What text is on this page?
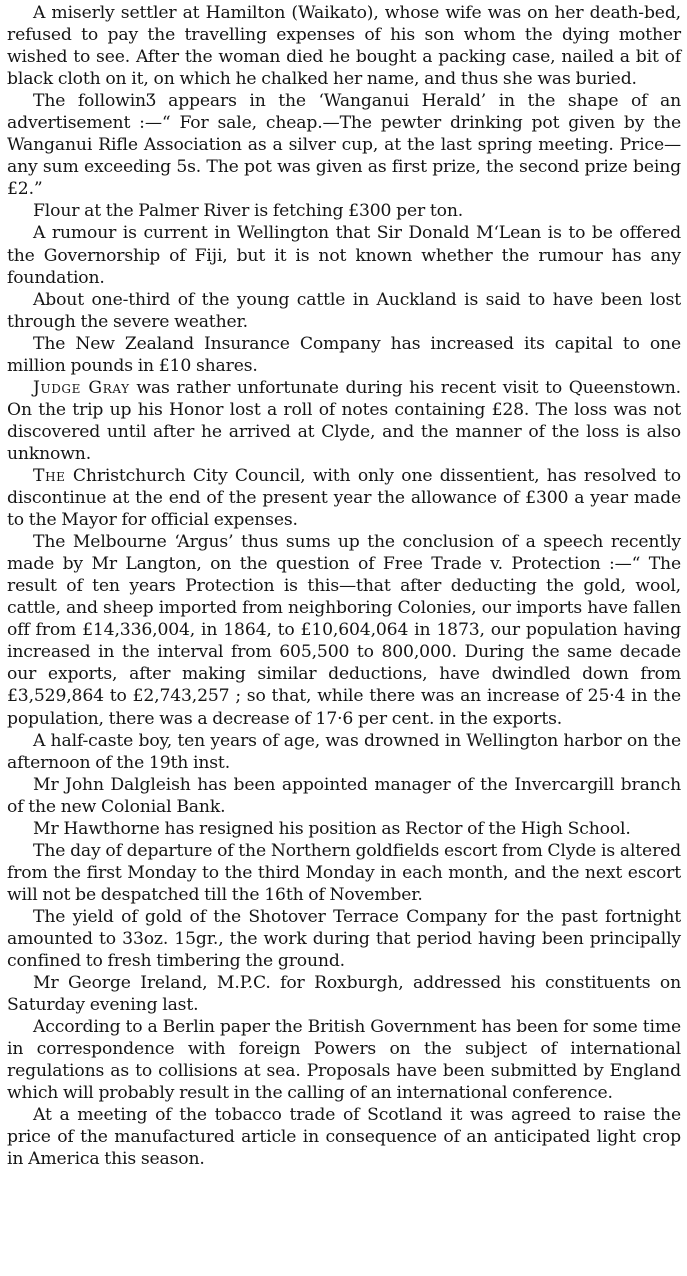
A miserly settler at Hamilton (Waikato), whose wife was on her death-bed, refused to pay the travelling expenses of his son whom the dying mother wished to see. After the woman died he bought a packing case, nailed a bit of black cloth on it, on which he chalked her name, and thus she was buried.

The followinƷ appears in the ‘Wanganui Herald’ in the shape of an advertisement :—“ For sale, cheap.—The pewter drinking pot given by the Wanganui Rifle Association as a silver cup, at the last spring meeting. Price—any sum exceeding 5s. The pot was given as first prize, the second prize being £2.”

Flour at the Palmer River is fetching £300 per ton.

A rumour is current in Wellington that Sir Donald M‘Lean is to be offered the Governorship of Fiji, but it is not known whether the rumour has any foundation.

About one-third of the young cattle in Auckland is said to have been lost through the severe weather.

The New Zealand Insurance Company has increased its capital to one million pounds in £10 shares.

Judge Gray was rather unfortunate during his recent visit to Queenstown. On the trip up his Honor lost a roll of notes containing £28. The loss was not discovered until after he arrived at Clyde, and the manner of the loss is also unknown.

The Christchurch City Council, with only one dissentient, has resolved to discontinue at the end of the present year the allowance of £300 a year made to the Mayor for official expenses.

The Melbourne ‘Argus’ thus sums up the conclusion of a speech recently made by Mr Langton, on the question of Free Trade v. Protection :—“ The result of ten years Protection is this—that after deducting the gold, wool, cattle, and sheep imported from neighboring Colonies, our imports have fallen off from £14,336,004, in 1864, to £10,604,064 in 1873, our population having increased in the interval from 605,500 to 800,000. During the same decade our exports, after making similar deductions, have dwindled down from £3,529,864 to £2,743,257 ; so that, while there was an increase of 25·4 in the population, there was a decrease of 17·6 per cent. in the exports.

A half-caste boy, ten years of age, was drowned in Wellington harbor on the afternoon of the 19th inst.

Mr John Dalgleish has been appointed manager of the Invercargill branch of the new Colonial Bank.

Mr Hawthorne has resigned his position as Rector of the High School.

The day of departure of the Northern goldfields escort from Clyde is altered from the first Monday to the third Monday in each month, and the next escort will not be despatched till the 16th of November.

The yield of gold of the Shotover Terrace Company for the past fortnight amounted to 33oz. 15gr., the work during that period having been principally confined to fresh timbering the ground.

Mr George Ireland, M.P.C. for Roxburgh, addressed his constituents on Saturday evening last.

According to a Berlin paper the British Government has been for some time in correspondence with foreign Powers on the subject of international regulations as to collisions at sea. Proposals have been submitted by England which will probably result in the calling of an international conference.

At a meeting of the tobacco trade of Scotland it was agreed to raise the price of the manufactured article in consequence of an anticipated light crop in America this season.
